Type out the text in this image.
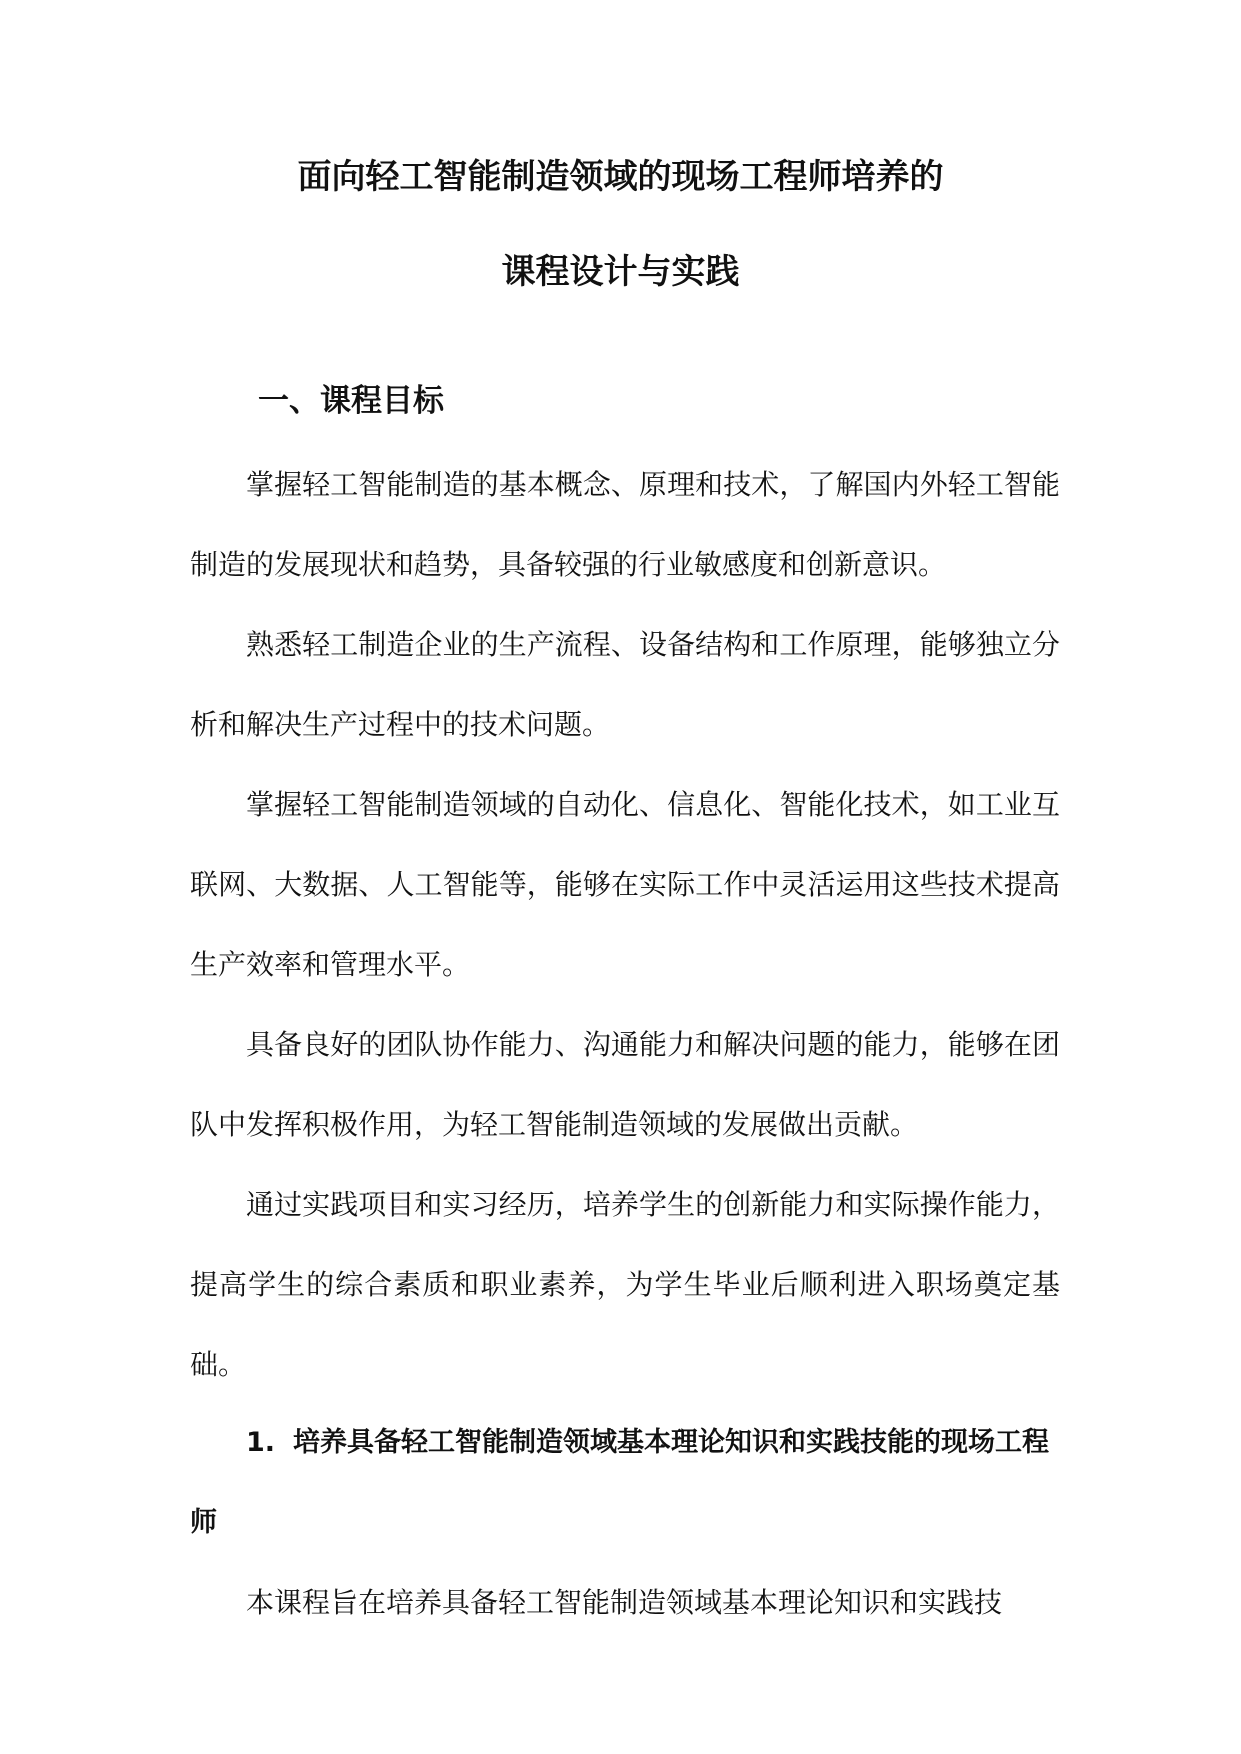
面向轻工智能制造领域的现场工程师培养的
课程设计与实践
一、课程目标

掌握轻工智能制造的基本概念、原理和技术，了解国内外轻工智能制造的发展现状和趋势，具备较强的行业敏感度和创新意识。

熟悉轻工制造企业的生产流程、设备结构和工作原理，能够独立分析和解决生产过程中的技术问题。

掌握轻工智能制造领域的自动化、信息化、智能化技术，如工业互联网、大数据、人工智能等，能够在实际工作中灵活运用这些技术提高生产效率和管理水平。

具备良好的团队协作能力、沟通能力和解决问题的能力，能够在团队中发挥积极作用，为轻工智能制造领域的发展做出贡献。

通过实践项目和实习经历，培养学生的创新能力和实际操作能力，提高学生的综合素质和职业素养，为学生毕业后顺利进入职场奠定基础。

1. 培养具备轻工智能制造领域基本理论知识和实践技能的现场工程师

本课程旨在培养具备轻工智能制造领域基本理论知识和实践技
